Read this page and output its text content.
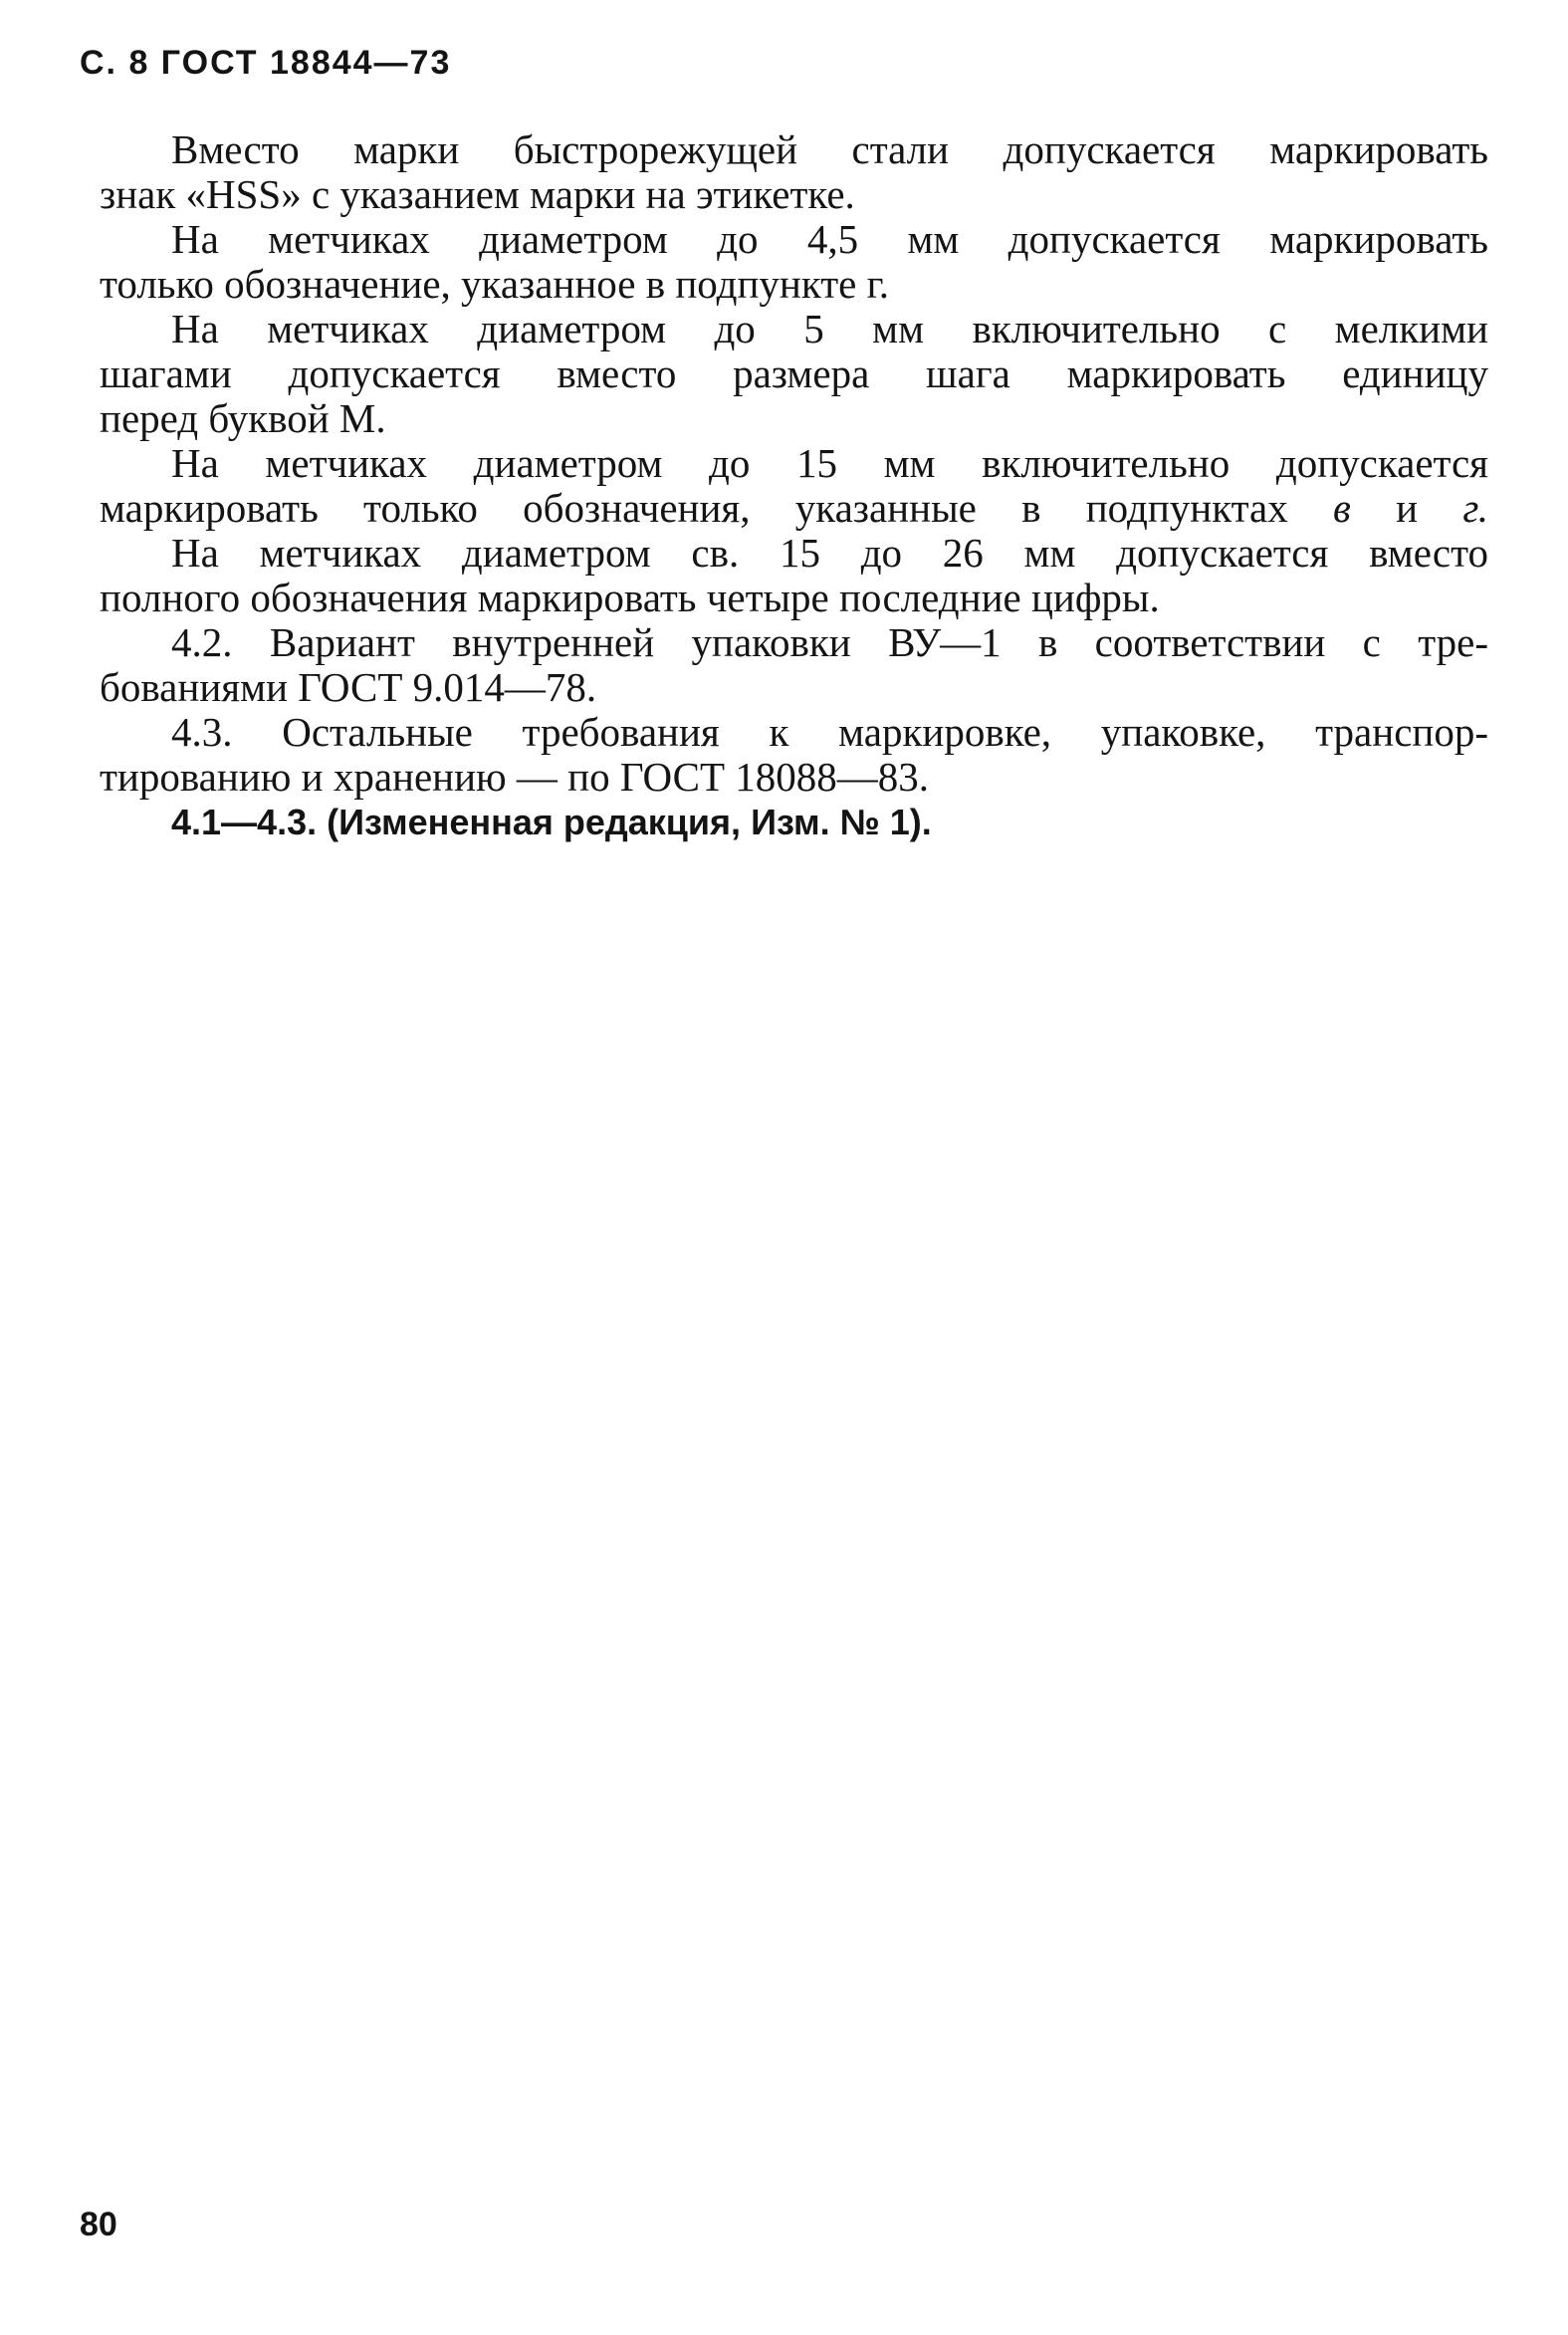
С. 8 ГОСТ 18844—73
Вместо марки быстрорежущей стали допускается маркировать
знак «HSS» с указанием марки на этикетке.
На метчиках диаметром до 4,5 мм допускается маркировать
только обозначение, указанное в подпункте г.
На метчиках диаметром до 5 мм включительно с мелкими
шагами допускается вместо размера шага маркировать единицу
перед буквой М.
На метчиках диаметром до 15 мм включительно допускается
маркировать только обозначения, указанные в подпунктах в и г.
На метчиках диаметром св. 15 до 26 мм допускается вместо
полного обозначения маркировать четыре последние цифры.
4.2. Вариант внутренней упаковки ВУ—1 в соответствии с тре-
бованиями ГОСТ 9.014—78.
4.3. Остальные требования к маркировке, упаковке, транспор-
тированию и хранению — по ГОСТ 18088—83.
4.1—4.3. (Измененная редакция, Изм. № 1).
80
